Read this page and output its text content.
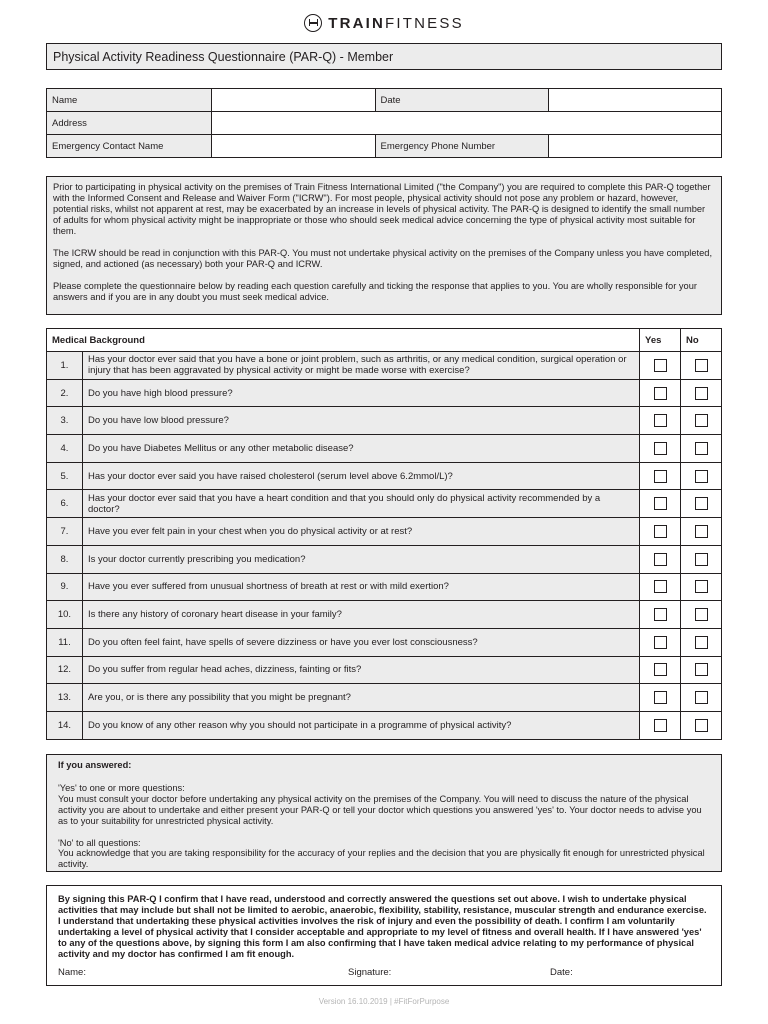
TRAINFITNESS
Physical Activity Readiness Questionnaire (PAR-Q) - Member
Name		Date	
Address			
Emergency Contact Name		Emergency Phone Number	

Prior to participating in physical activity on the premises of Train Fitness International Limited ("the Company") you are required to complete this PAR-Q together with the Informed Consent and Release and Waiver Form ("ICRW"). For most people, physical activity should not pose any problem or hazard, however, potential risks, whilst not apparent at rest, may be exacerbated by an increase in levels of physical activity. The PAR-Q is designed to identify the small number of adults for whom physical activity might be inappropriate or those who should seek medical advice concerning the type of physical activity most suitable for them.

The ICRW should be read in conjunction with this PAR-Q. You must not undertake physical activity on the premises of the Company unless you have completed, signed, and actioned (as necessary) both your PAR-Q and ICRW.

Please complete the questionnaire below by reading each question carefully and ticking the response that applies to you. You are wholly responsible for your answers and if you are in any doubt you must seek medical advice.

Medical Background		Yes	No
1.	Has your doctor ever said that you have a bone or joint problem, such as arthritis, or any medical condition, surgical operation or injury that has been aggravated by physical activity or might be made worse with exercise?		
2.	Do you have high blood pressure?		
3.	Do you have low blood pressure?		
4.	Do you have Diabetes Mellitus or any other metabolic disease?		
5.	Has your doctor ever said you have raised cholesterol (serum level above 6.2mmol/L)?		
6.	Has your doctor ever said that you have a heart condition and that you should only do physical activity recommended by a doctor?		
7.	Have you ever felt pain in your chest when you do physical activity or at rest?		
8.	Is your doctor currently prescribing you medication?		
9.	Have you ever suffered from unusual shortness of breath at rest or with mild exertion?		
10.	Is there any history of coronary heart disease in your family?		
11.	Do you often feel faint, have spells of severe dizziness or have you ever lost consciousness?		
12.	Do you suffer from regular head aches, dizziness, fainting or fits?		
13.	Are you, or is there any possibility that you might be pregnant?		
14.	Do you know of any other reason why you should not participate in a programme of physical activity?		
If you answered:

'Yes' to one or more questions:
You must consult your doctor before undertaking any physical activity on the premises of the Company. You will need to discuss the nature of the physical activity you are about to undertake and either present your PAR-Q or tell your doctor which questions you answered 'yes' to. Your doctor needs to advise you as to your suitability for unrestricted physical activity.

'No' to all questions:
You acknowledge that you are taking responsibility for the accuracy of your replies and the decision that you are physically fit enough for unrestricted physical activity.

By signing this PAR-Q I confirm that I have read, understood and correctly answered the questions set out above. I wish to undertake physical activities that may include but shall not be limited to aerobic, anaerobic, flexibility, stability, resistance, muscular strength and endurance exercise. I understand that undertaking these physical activities involves the risk of injury and even the possibility of death. I confirm I am voluntarily undertaking a level of physical activity that I consider acceptable and appropriate to my level of fitness and overall health. If I have answered 'yes' to any of the questions above, by signing this form I am also confirming that I have taken medical advice relating to my performance of physical activity and my doctor has confirmed I am fit enough.
Name:	Signature:	Date:
Version 16.10.2019 | #FitForPurpose
